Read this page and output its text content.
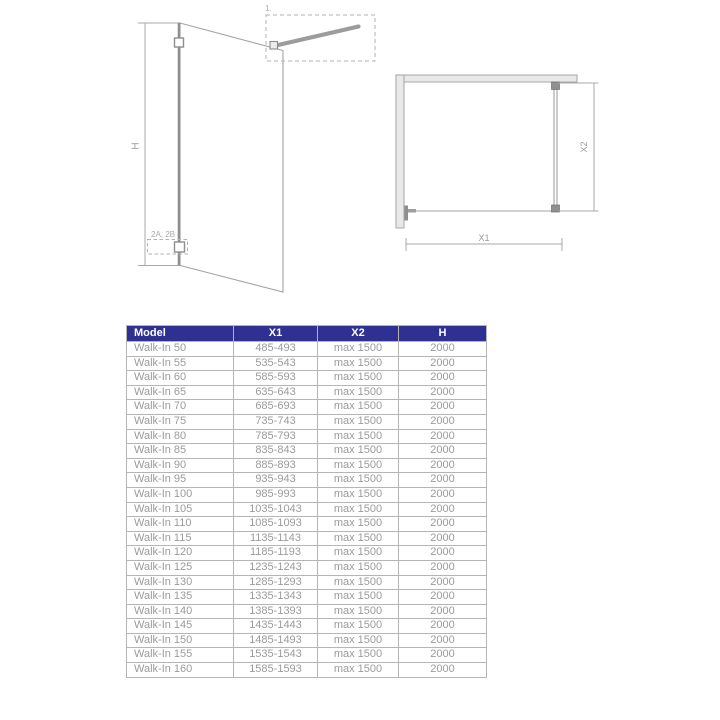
H
1.
2A, 2B
X2
X1
Model	X1	X2	H
Walk-In 50	485-493	max 1500	2000
Walk-In 55	535-543	max 1500	2000
Walk-In 60	585-593	max 1500	2000
Walk-In 65	635-643	max 1500	2000
Walk-In 70	685-693	max 1500	2000
Walk-In 75	735-743	max 1500	2000
Walk-In 80	785-793	max 1500	2000
Walk-In 85	835-843	max 1500	2000
Walk-In 90	885-893	max 1500	2000
Walk-In 95	935-943	max 1500	2000
Walk-In 100	985-993	max 1500	2000
Walk-In 105	1035-1043	max 1500	2000
Walk-In 110	1085-1093	max 1500	2000
Walk-In 115	1135-1143	max 1500	2000
Walk-In 120	1185-1193	max 1500	2000
Walk-In 125	1235-1243	max 1500	2000
Walk-In 130	1285-1293	max 1500	2000
Walk-In 135	1335-1343	max 1500	2000
Walk-In 140	1385-1393	max 1500	2000
Walk-In 145	1435-1443	max 1500	2000
Walk-In 150	1485-1493	max 1500	2000
Walk-In 155	1535-1543	max 1500	2000
Walk-In 160	1585-1593	max 1500	2000
